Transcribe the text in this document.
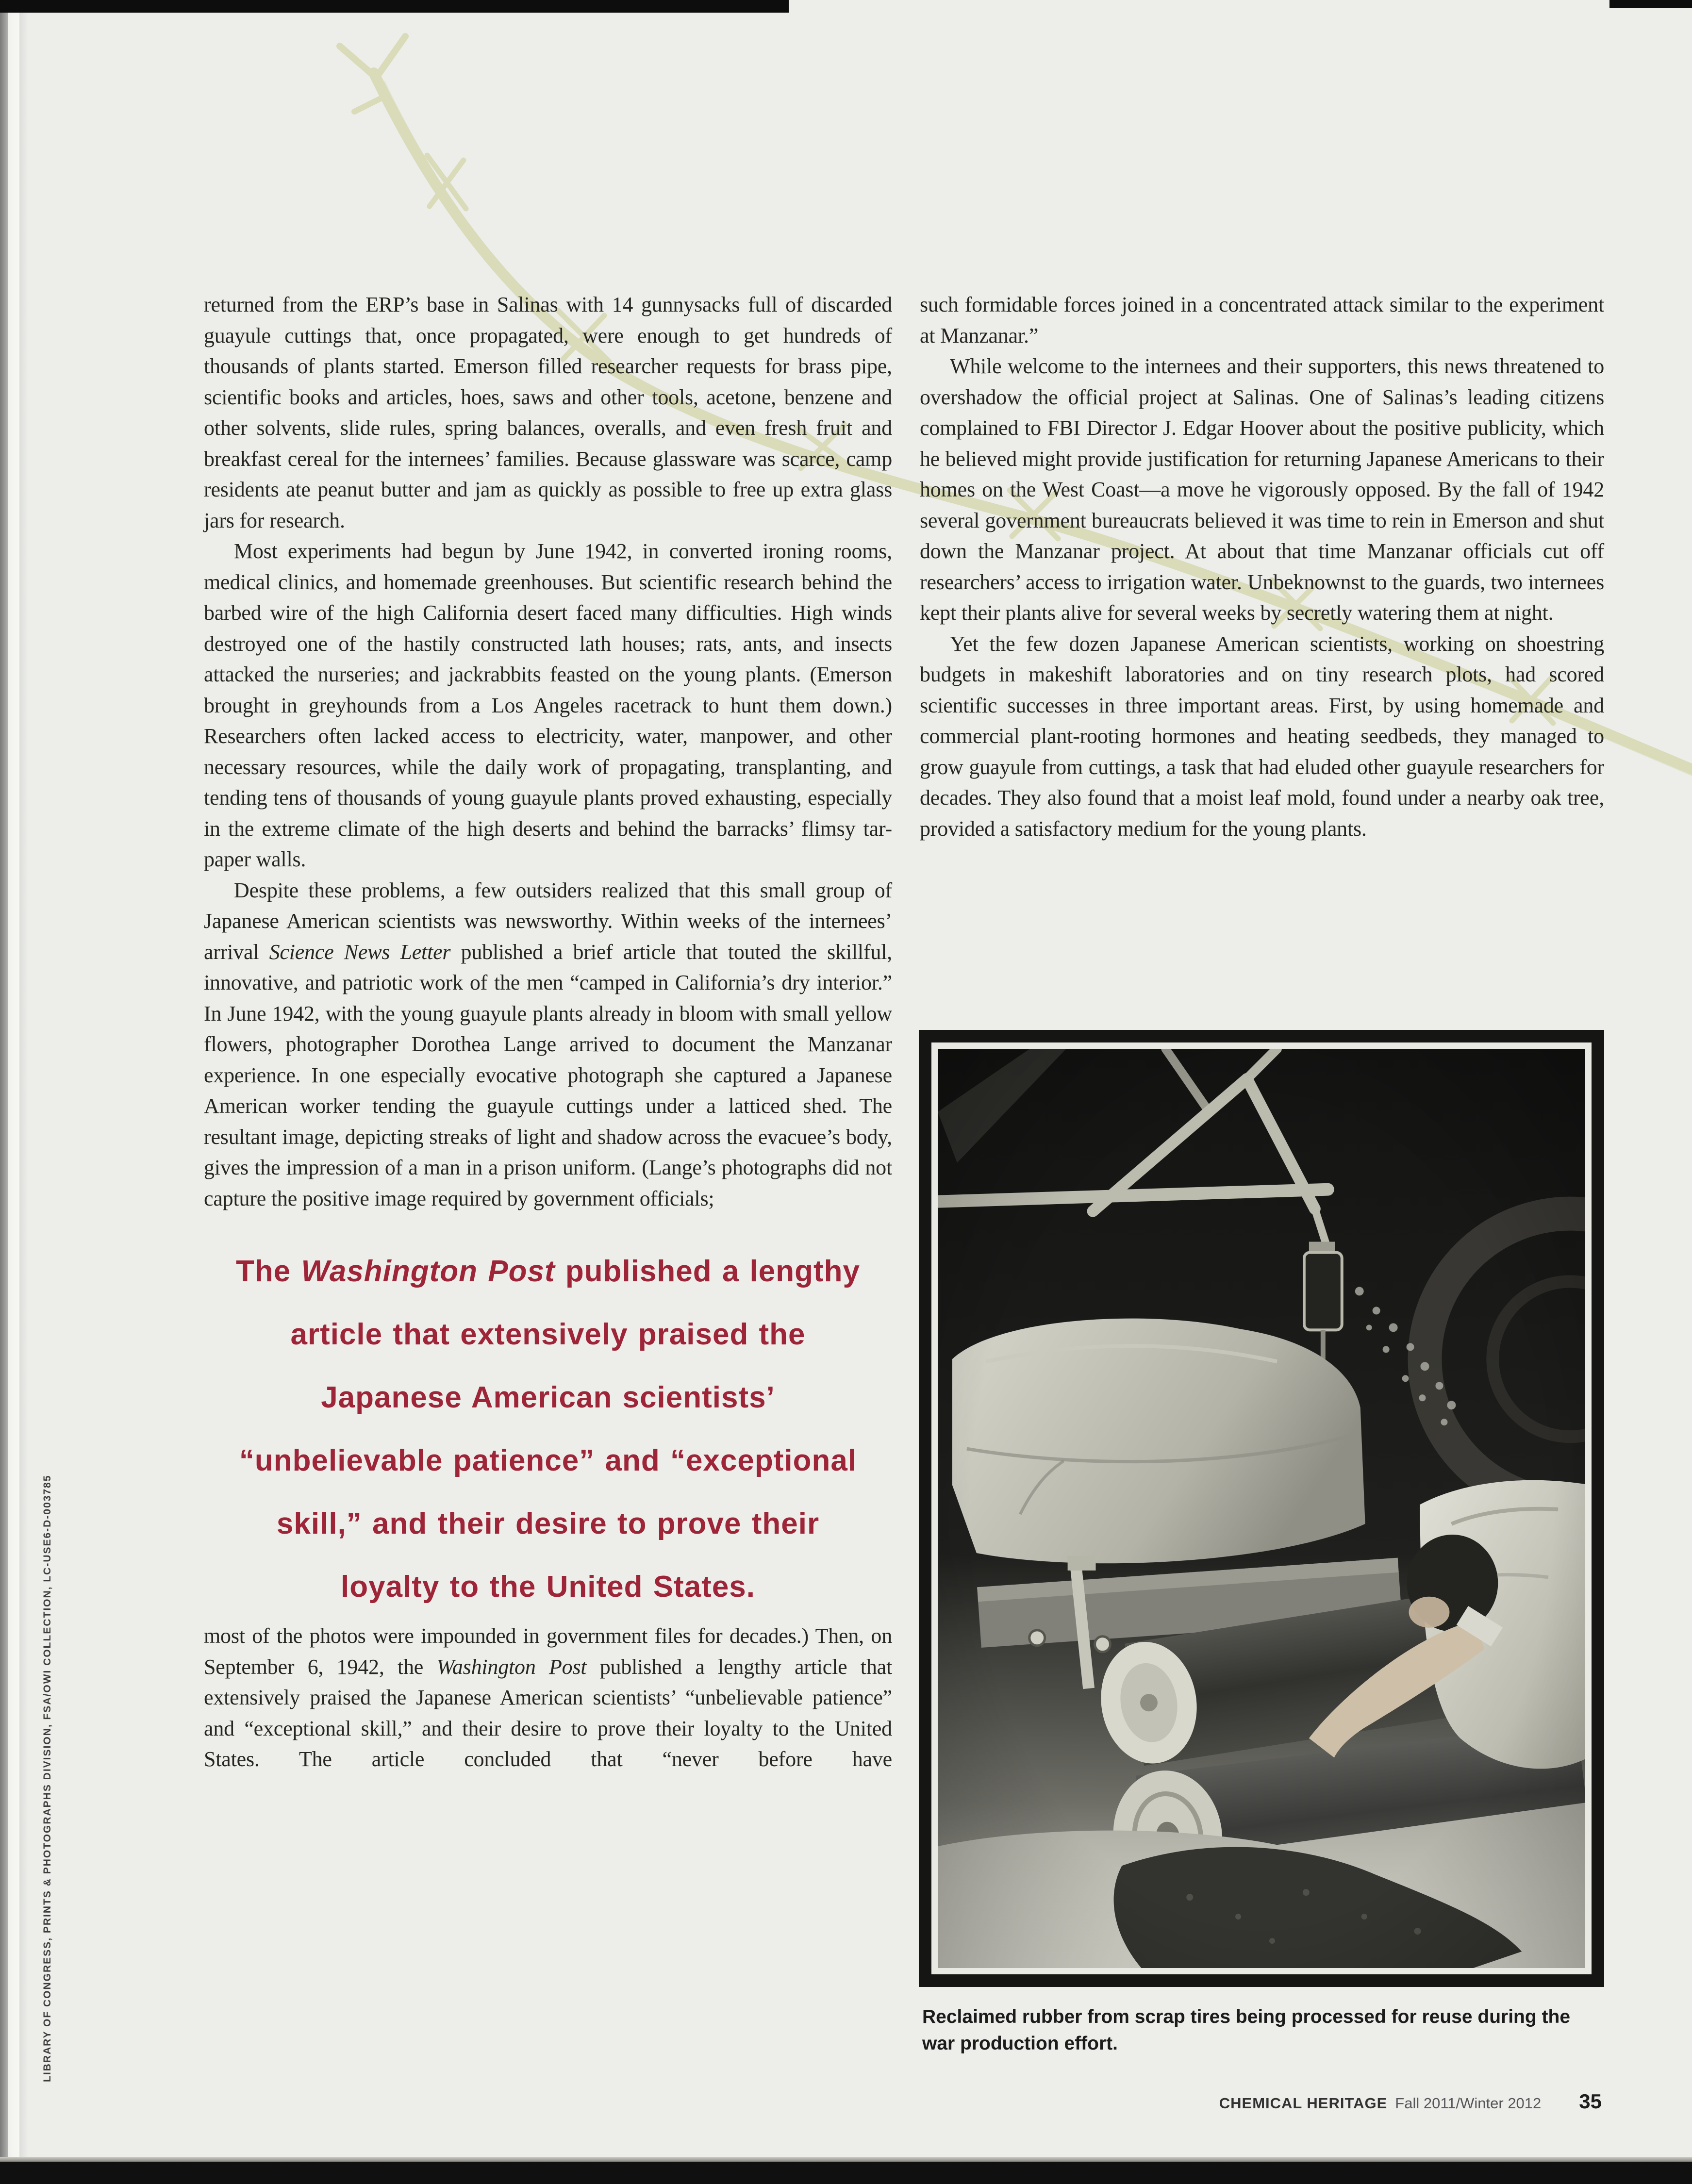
returned from the ERP’s base in Salinas with 14 gunnysacks full of discarded guayule cuttings that, once propagated, were enough to get hundreds of thousands of plants started. Emerson filled researcher requests for brass pipe, scientific books and articles, hoes, saws and other tools, acetone, benzene and other solvents, slide rules, spring balances, overalls, and even fresh fruit and breakfast cereal for the internees’ families. Because glassware was scarce, camp residents ate peanut butter and jam as quickly as possible to free up extra glass jars for research.

Most experiments had begun by June 1942, in converted ironing rooms, medical clinics, and homemade greenhouses. But scientific research behind the barbed wire of the high California desert faced many difficulties. High winds destroyed one of the hastily constructed lath houses; rats, ants, and insects attacked the nurseries; and jackrabbits feasted on the young plants. (Emerson brought in greyhounds from a Los Angeles racetrack to hunt them down.) Researchers often lacked access to electricity, water, manpower, and other necessary resources, while the daily work of propagating, transplanting, and tending tens of thousands of young guayule plants proved exhausting, especially in the extreme climate of the high deserts and behind the barracks’ flimsy tar-paper walls.

Despite these problems, a few outsiders realized that this small group of Japanese American scientists was newsworthy. Within weeks of the internees’ arrival Science News Letter published a brief article that touted the skillful, innovative, and patriotic work of the men “camped in California’s dry interior.” In June 1942, with the young guayule plants already in bloom with small yellow flowers, photographer Dorothea Lange arrived to document the Manzanar experience. In one especially evocative photograph she captured a Japanese American worker tending the guayule cuttings under a latticed shed. The resultant image, depicting streaks of light and shadow across the evacuee’s body, gives the impression of a man in a prison uniform. (Lange’s photographs did not capture the positive image required by government officials;

The Washington Post published a lengthy article that extensively praised the Japanese American scientists’ “unbelievable patience” and “exceptional skill,” and their desire to prove their loyalty to the United States.

most of the photos were impounded in government files for decades.) Then, on September 6, 1942, the Washington Post published a lengthy article that extensively praised the Japanese American scientists’ “unbelievable patience” and “exceptional skill,” and their desire to prove their loyalty to the United States. The article concluded that “never before have

such formidable forces joined in a concentrated attack similar to the experiment at Manzanar.”

While welcome to the internees and their supporters, this news threatened to overshadow the official project at Salinas. One of Salinas’s leading citizens complained to FBI Director J. Edgar Hoover about the positive publicity, which he believed might provide justification for returning Japanese Americans to their homes on the West Coast—a move he vigorously opposed. By the fall of 1942 several government bureaucrats believed it was time to rein in Emerson and shut down the Manzanar project. At about that time Manzanar officials cut off researchers’ access to irrigation water. Unbeknownst to the guards, two internees kept their plants alive for several weeks by secretly watering them at night.

Yet the few dozen Japanese American scientists, working on shoestring budgets in makeshift laboratories and on tiny research plots, had scored scientific successes in three important areas. First, by using homemade and commercial plant-rooting hormones and heating seedbeds, they managed to grow guayule from cuttings, a task that had eluded other guayule researchers for decades. They also found that a moist leaf mold, found under a nearby oak tree, provided a satisfactory medium for the young plants.

Reclaimed rubber from scrap tires being processed for reuse during the war production effort.
LIBRARY OF CONGRESS, PRINTS & PHOTOGRAPHS DIVISION, FSA/OWI COLLECTION, LC-USE6-D-003785
CHEMICAL HERITAGE Fall 2011/Winter 2012 35
